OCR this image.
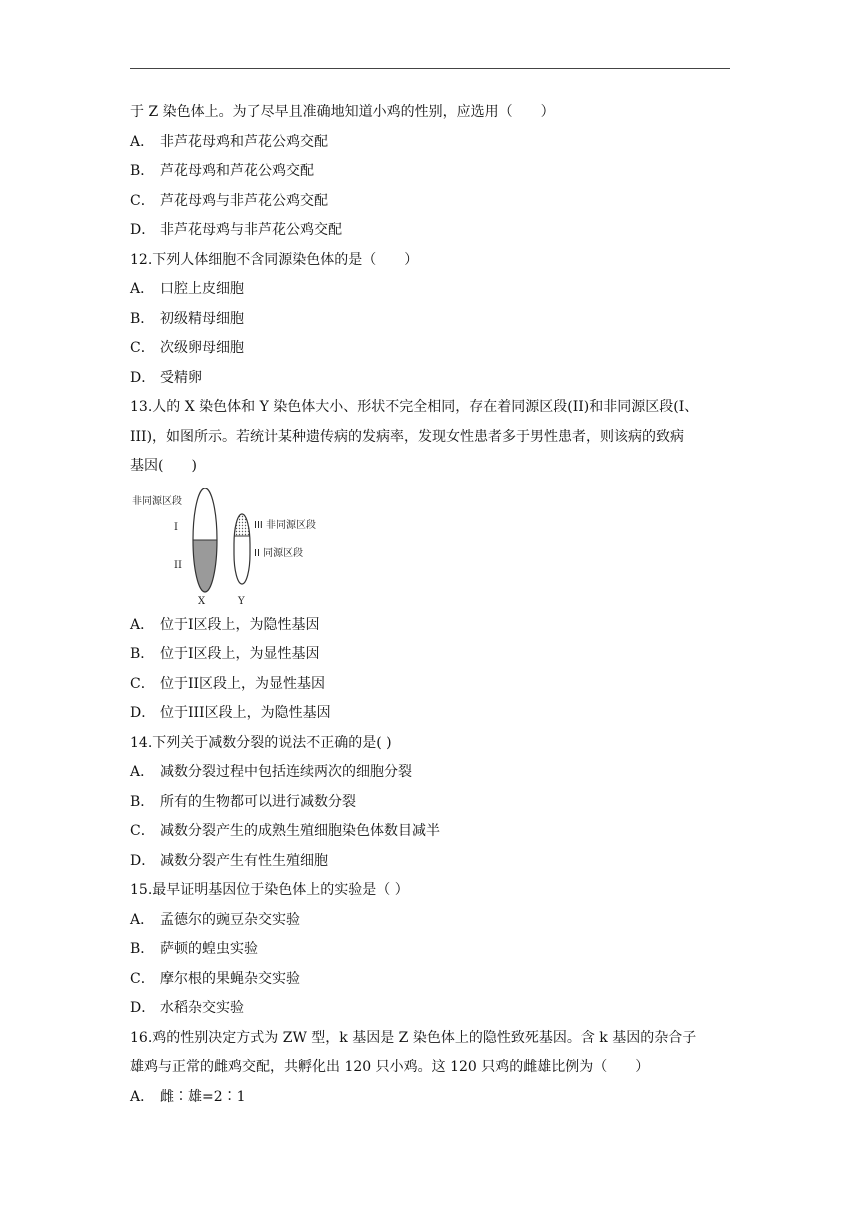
于 Z 染色体上。为了尽早且准确地知道小鸡的性别，应选用（　　）
A． 非芦花母鸡和芦花公鸡交配
B． 芦花母鸡和芦花公鸡交配
C． 芦花母鸡与非芦花公鸡交配
D． 非芦花母鸡与非芦花公鸡交配
12.下列人体细胞不含同源染色体的是（　　）
A． 口腔上皮细胞
B． 初级精母细胞
C． 次级卵母细胞
D． 受精卵
13.人的 X 染色体和 Y 染色体大小、形状不完全相同，存在着同源区段(II)和非同源区段(I、
III)，如图所示。若统计某种遗传病的发病率，发现女性患者多于男性患者，则该病的致病
基因(　　)
非同源区段
I
II
X	Y
III 非同源区段
II 同源区段
A． 位于I区段上，为隐性基因
B． 位于I区段上，为显性基因
C． 位于II区段上，为显性基因
D． 位于III区段上，为隐性基因
14.下列关于减数分裂的说法不正确的是( )
A． 减数分裂过程中包括连续两次的细胞分裂
B． 所有的生物都可以进行减数分裂
C． 减数分裂产生的成熟生殖细胞染色体数目减半
D． 减数分裂产生有性生殖细胞
15.最早证明基因位于染色体上的实验是（ ）
A． 孟德尔的豌豆杂交实验
B． 萨顿的蝗虫实验
C． 摩尔根的果蝇杂交实验
D． 水稻杂交实验
16.鸡的性别决定方式为 ZW 型，k 基因是 Z 染色体上的隐性致死基因。含 k 基因的杂合子
雄鸡与正常的雌鸡交配，共孵化出 120 只小鸡。这 120 只鸡的雌雄比例为（　　）
A． 雌∶雄=2∶1
